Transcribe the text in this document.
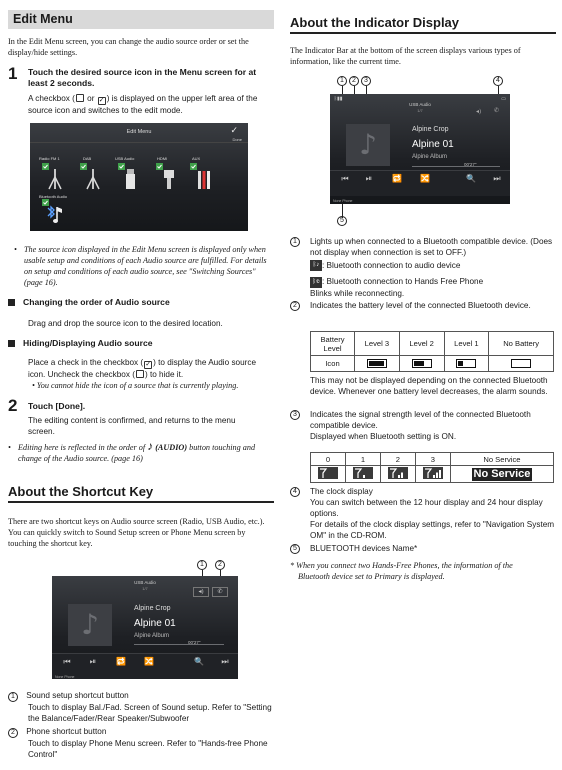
Edit Menu
In the Edit Menu screen, you can change the audio source order or set the display/hide settings.
1 Touch the desired source icon in the Menu screen for at least 2 seconds.
A checkbox ( or ✓ ) is displayed on the upper left area of the source icon and switches to the edit mode.
Edit Menu	✓
Done
Radio FM 1	DAB	USB Audio	HDMI	AUX
Bluetooth Audio
• The source icon displayed in the Edit Menu screen is displayed only when usable setup and conditions of each Audio source are fulfilled. For details on setup and conditions of each audio source, see "Switching Sources" (page 16).
Changing the order of Audio source
Drag and drop the source icon to the desired location.
Hiding/Displaying Audio source
Place a check in the checkbox ( ✓ ) to display the Audio source icon. Uncheck the checkbox ( ) to hide it.
• You cannot hide the icon of a source that is currently playing.
2 Touch [Done].
The editing content is confirmed, and returns to the menu screen.
• Editing here is reflected in the order of ♪ (AUDIO) button touching and change of the Audio source. (page 16)
About the Shortcut Key
There are two shortcut keys on Audio source screen (Radio, USB Audio, etc.). You can quickly switch to Sound Setup screen or Phone Menu screen by touching the shortcut key.
1	2
USB Audio
1/7
◂)	✆
♪	Alpine Crop
Alpine 01
Alpine Album
00'27"
⏮	⏯	🔁	🔀	🔍	⏭
None Phone
1 Sound setup shortcut button
Touch to display Bal./Fad. Screen of Sound setup. Refer to "Setting the Balance/Fader/Rear Speaker/Subwoofer
2 Phone shortcut button
Touch to display Phone Menu screen. Refer to "Hands-free Phone Control"
About the Indicator Display
The Indicator Bar at the bottom of the screen displays various types of information, like the current time.
1	2	3	4
ᛒ▮▮
USB Audio
1/7
▭
◂) ✆
♪	Alpine Crop
Alpine 01
Alpine Album
00'27"
⏮	⏯	🔁	🔀	🔍	⏭
None Phone
5
1	Lights up when connected to a Bluetooth compatible device. (Does not display when connection is set to OFF.)
ᛒ♪ : Bluetooth connection to audio device
ᛒ✆ : Bluetooth connection to Hands Free Phone
Blinks while reconnecting.
2	Indicates the battery level of the connected Bluetooth device.
Battery Level	Level 3	Level 2	Level 1	No Battery
Icon	

This may not be displayed depending on the connected Bluetooth device. Whenever one battery level decreases, the alarm sounds.
3	Indicates the signal strength level of the connected Bluetooth compatible device.
Displayed when Bluetooth setting is ON.
0	1	2	3	No Service
				No Service
4	The clock display
You can switch between the 12 hour display and 24 hour display options.
For details of the clock display settings, refer to "Navigation System OM" in the CD-ROM.
5	BLUETOOTH devices Name*
* When you connect two Hands-Free Phones, the information of the Bluetooth device set to Primary is displayed.
